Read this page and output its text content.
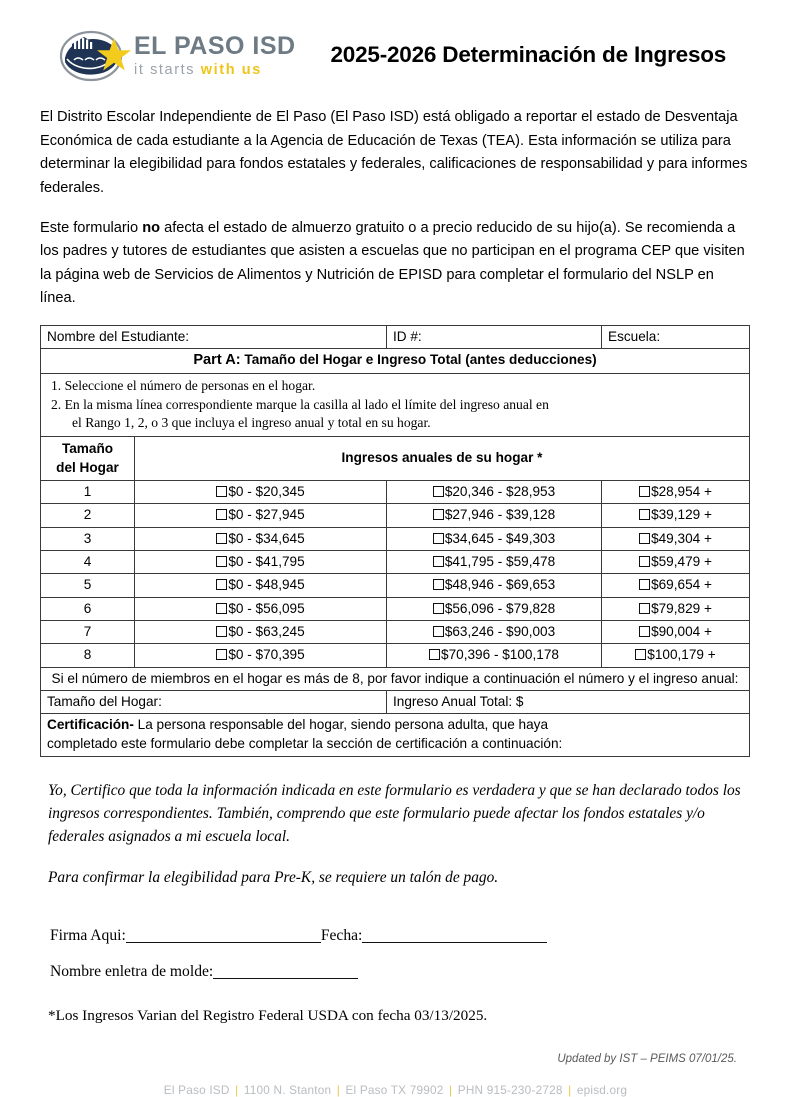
EL PASO ISD
it starts with us
2025-2026 Determinación de Ingresos

El Distrito Escolar Independiente de El Paso (El Paso ISD) está obligado a reportar el estado de Desventaja Económica de cada estudiante a la Agencia de Educación de Texas (TEA). Esta información se utiliza para determinar la elegibilidad para fondos estatales y federales, calificaciones de responsabilidad y para informes federales.

Este formulario no afecta el estado de almuerzo gratuito o a precio reducido de su hijo(a). Se recomienda a los padres y tutores de estudiantes que asisten a escuelas que no participan en el programa CEP que visiten la página web de Servicios de Alimentos y Nutrición de EPISD para completar el formulario del NSLP en línea.

Nombre del Estudiante:		ID #:	Escuela:
Part A: Tamaño del Hogar e Ingreso Total (antes deducciones)			

1. Seleccione el número de personas en el hogar.
2. En la misma línea correspondiente marque la casilla al lado el límite del ingreso anual en
el Rango 1, 2, o 3 que incluya el ingreso anual y total en su hogar.			

Tamaño
del Hogar	Ingresos anuales de su hogar *		
1	$0 - $20,345	$20,346 - $28,953	$28,954 +
2	$0 - $27,945	$27,946 - $39,128	$39,129 +
3	$0 - $34,645	$34,645 - $49,303	$49,304 +
4	$0 - $41,795	$41,795 - $59,478	$59,479 +
5	$0 - $48,945	$48,946 - $69,653	$69,654 +
6	$0 - $56,095	$56,096 - $79,828	$79,829 +
7	$0 - $63,245	$63,246 - $90,003	$90,004 +
8	$0 - $70,395	$70,396 - $100,178	$100,179 +
Si el número de miembros en el hogar es más de 8, por favor indique a continuación el número y el ingreso anual:			
Tamaño del Hogar:		Ingreso Anual Total: $	
Certificación- La persona responsable del hogar, siendo persona adulta, que haya
completado este formulario debe completar la sección de certificación a continuación:			

Yo, Certifico que toda la información indicada en este formulario es verdadera y que se han declarado todos los ingresos correspondientes. También, comprendo que este formulario puede afectar los fondos estatales y/o federales asignados a mi escuela local.

Para confirmar la elegibilidad para Pre-K, se requiere un talón de pago.

Firma Aqui:	Fecha:
Nombre enletra de molde:
*Los Ingresos Varian del Registro Federal USDA con fecha 03/13/2025.
Updated by IST – PEIMS 07/01/25.
El Paso ISD | 1100 N. Stanton | El Paso TX 79902 | PHN 915-230-2728 | episd.org
